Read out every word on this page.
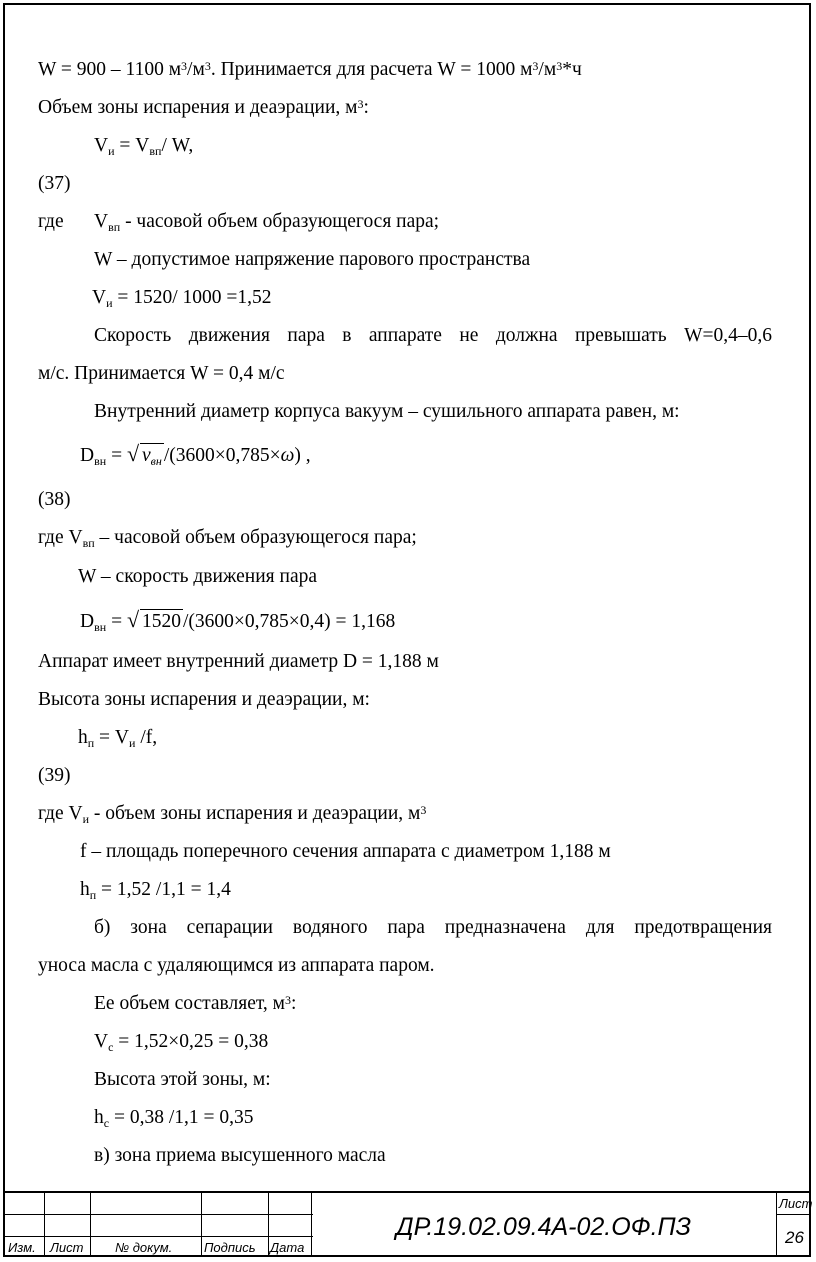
W = 900 – 1100 $м^3/м^3$. Принимается для расчета W = 1000 $м^3/м^3*ч$
Объем зоны испарения и деаэрации, $м^3$:
$V_и = V_{вп}/$ W,
(37)
где $V_{вп}$ - часовой объем образующегося пара;
W – допустимое напряжение парового пространства
$V_и = 1520/$ 1000 =1,52
Скорость движения пара в аппарате не должна превышать W=0,4–0,6
м/с. Принимается W = 0,4 м/с
Внутренний диаметр корпуса вакуум – сушильного аппарата равен, м:
$D_{вн}$ = √ $v_{вн}$ /(3600×0,785×ω) ,
(38)
где $V_{вп}$ – часовой объем образующегося пара;
W – скорость движения пара
$D_{вн}$ = √ 1520 /(3600×0,785×0,4) = 1,168
Аппарат имеет внутренний диаметр D = 1,188 м
Высота зоны испарения и деаэрации, м:
$h_п = V_и$ /f,
(39)
где $V_и$ - объем зоны испарения и деаэрации, $м^3$
f – площадь поперечного сечения аппарата с диаметром 1,188 м
$h_п = 1,52$ /1,1 = 1,4
б) зона сепарации водяного пара предназначена для предотвращения
уноса масла с удаляющимся из аппарата паром.
Ее объем составляет, $м^3$:
$V_с = 1,52\times 0,25 = 0,38$
Высота этой зоны, м:
$h_с = 0,38$ /1,1 = 0,35
в) зона приема высушенного масла
Изм. Лист № докум. Подпись Дата
ДР.19.02.09.4А-02.ОФ.ПЗ
Лист
26
